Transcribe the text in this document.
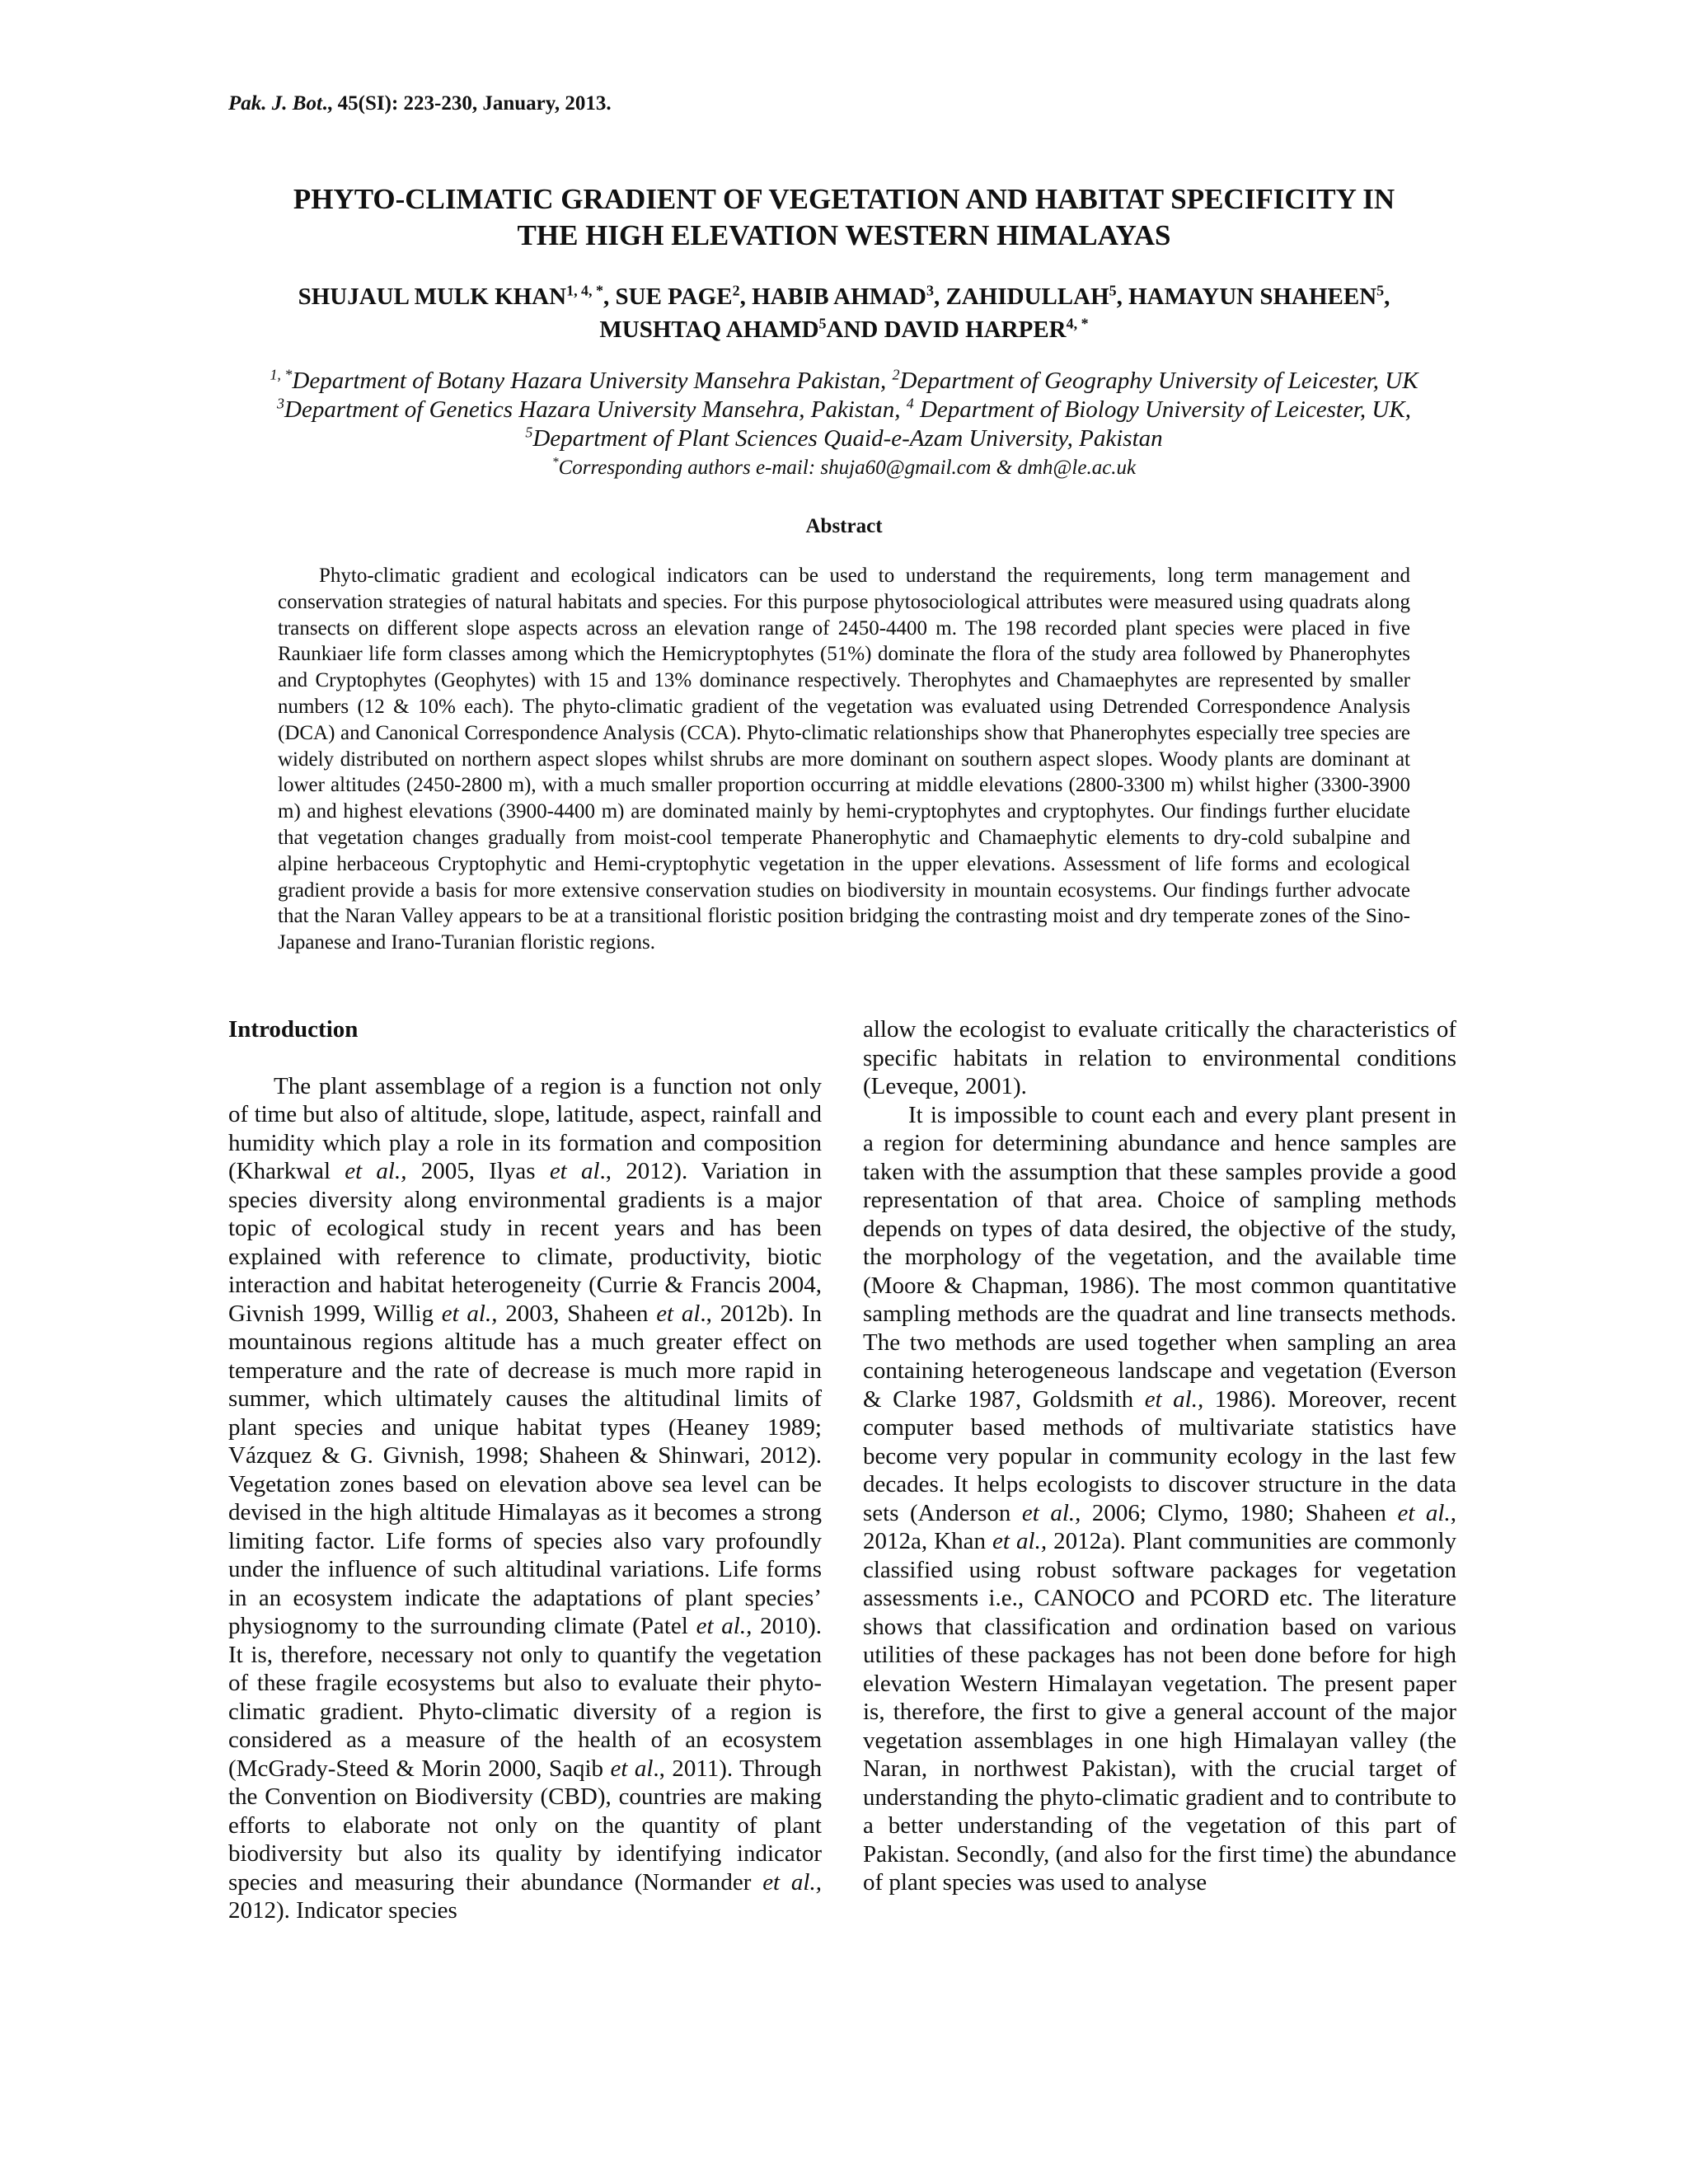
Pak. J. Bot., 45(SI): 223-230, January, 2013.
PHYTO-CLIMATIC GRADIENT OF VEGETATION AND HABITAT SPECIFICITY IN
THE HIGH ELEVATION WESTERN HIMALAYAS
SHUJAUL MULK $KHAN^{1, 4, *}$, SUE PAGE$^2$, HABIB AHMAD$^3$, ZAHIDULLAH$^5$, HAMAYUN SHAHEEN$^5$,
MUSHTAQ AHAMD$^5$AND DAVID $HARPER^{4, *}$
$^{1, *}$Department of Botany Hazara University Mansehra Pakistan, $^2$Department of Geography University of Leicester, UK
$^3$Department of Genetics Hazara University Mansehra, Pakistan, $^4$ Department of Biology University of Leicester, UK,
$^5$Department of Plant Sciences Quaid-e-Azam University, Pakistan
*Corresponding authors e-mail: shuja60@gmail.com & dmh@le.ac.uk
Abstract

Phyto-climatic gradient and ecological indicators can be used to understand the requirements, long term management and conservation strategies of natural habitats and species. For this purpose phytosociological attributes were measured using quadrats along transects on different slope aspects across an elevation range of 2450-4400 m. The 198 recorded plant species were placed in five Raunkiaer life form classes among which the Hemicryptophytes (51%) dominate the flora of the study area followed by Phanerophytes and Cryptophytes (Geophytes) with 15 and 13% dominance respectively. Therophytes and Chamaephytes are represented by smaller numbers (12 & 10% each). The phyto-climatic gradient of the vegetation was evaluated using Detrended Correspondence Analysis (DCA) and Canonical Correspondence Analysis (CCA). Phyto-climatic relationships show that Phanerophytes especially tree species are widely distributed on northern aspect slopes whilst shrubs are more dominant on southern aspect slopes. Woody plants are dominant at lower altitudes (2450-2800 m), with a much smaller proportion occurring at middle elevations (2800-3300 m) whilst higher (3300-3900 m) and highest elevations (3900-4400 m) are dominated mainly by hemi-cryptophytes and cryptophytes. Our findings further elucidate that vegetation changes gradually from moist-cool temperate Phanerophytic and Chamaephytic elements to dry-cold subalpine and alpine herbaceous Cryptophytic and Hemi-cryptophytic vegetation in the upper elevations. Assessment of life forms and ecological gradient provide a basis for more extensive conservation studies on biodiversity in mountain ecosystems. Our findings further advocate that the Naran Valley appears to be at a transitional floristic position bridging the contrasting moist and dry temperate zones of the Sino-Japanese and Irano-Turanian floristic regions.

Introduction

The plant assemblage of a region is a function not only of time but also of altitude, slope, latitude, aspect, rainfall and humidity which play a role in its formation and composition (Kharkwal et al., 2005, Ilyas et al., 2012). Variation in species diversity along environmental gradients is a major topic of ecological study in recent years and has been explained with reference to climate, productivity, biotic interaction and habitat heterogeneity (Currie & Francis 2004, Givnish 1999, Willig et al., 2003, Shaheen et al., 2012b). In mountainous regions altitude has a much greater effect on temperature and the rate of decrease is much more rapid in summer, which ultimately causes the altitudinal limits of plant species and unique habitat types (Heaney 1989; Vázquez & G. Givnish, 1998; Shaheen & Shinwari, 2012). Vegetation zones based on elevation above sea level can be devised in the high altitude Himalayas as it becomes a strong limiting factor. Life forms of species also vary profoundly under the influence of such altitudinal variations. Life forms in an ecosystem indicate the adaptations of plant species’ physiognomy to the surrounding climate (Patel et al., 2010). It is, therefore, necessary not only to quantify the vegetation of these fragile ecosystems but also to evaluate their phyto-climatic gradient. Phyto-climatic diversity of a region is considered as a measure of the health of an ecosystem (McGrady-Steed & Morin 2000, Saqib et al., 2011). Through the Convention on Biodiversity (CBD), countries are making efforts to elaborate not only on the quantity of plant biodiversity but also its quality by identifying indicator species and measuring their abundance (Normander et al., 2012). Indicator species

allow the ecologist to evaluate critically the characteristics of specific habitats in relation to environmental conditions (Leveque, 2001).

It is impossible to count each and every plant present in a region for determining abundance and hence samples are taken with the assumption that these samples provide a good representation of that area. Choice of sampling methods depends on types of data desired, the objective of the study, the morphology of the vegetation, and the available time (Moore & Chapman, 1986). The most common quantitative sampling methods are the quadrat and line transects methods. The two methods are used together when sampling an area containing heterogeneous landscape and vegetation (Everson & Clarke 1987, Goldsmith et al., 1986). Moreover, recent computer based methods of multivariate statistics have become very popular in community ecology in the last few decades. It helps ecologists to discover structure in the data sets (Anderson et al., 2006; Clymo, 1980; Shaheen et al., 2012a, Khan et al., 2012a). Plant communities are commonly classified using robust software packages for vegetation assessments i.e., CANOCO and PCORD etc. The literature shows that classification and ordination based on various utilities of these packages has not been done before for high elevation Western Himalayan vegetation. The present paper is, therefore, the first to give a general account of the major vegetation assemblages in one high Himalayan valley (the Naran, in northwest Pakistan), with the crucial target of understanding the phyto-climatic gradient and to contribute to a better understanding of the vegetation of this part of Pakistan. Secondly, (and also for the first time) the abundance of plant species was used to analyse
